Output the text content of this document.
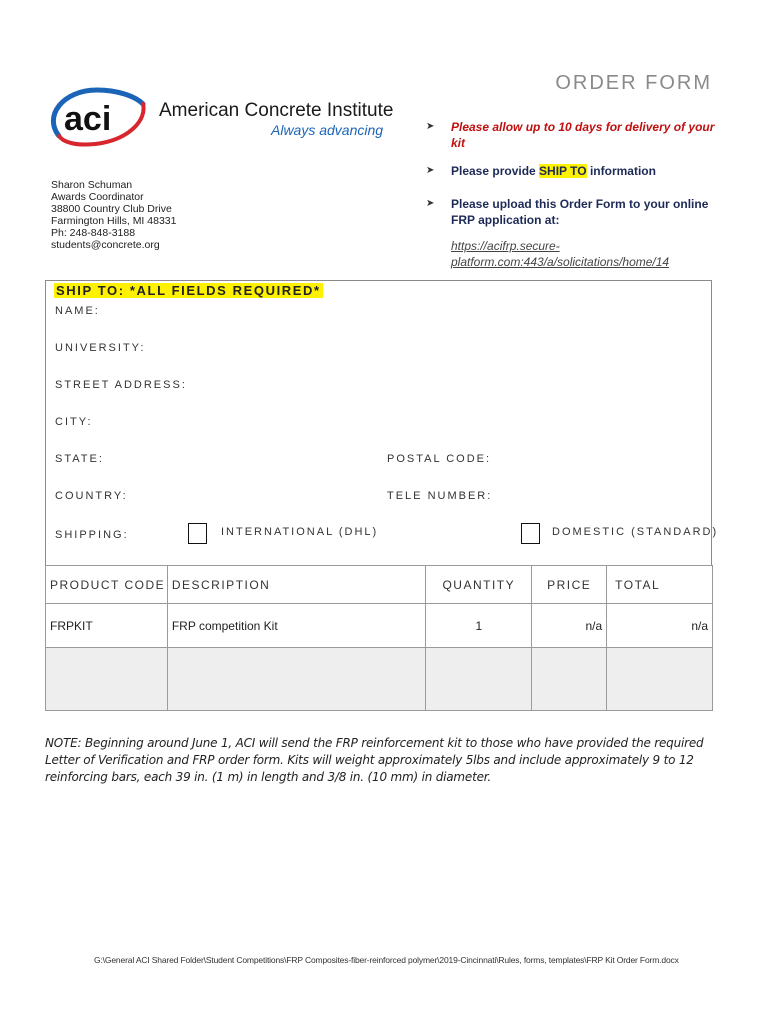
ORDER FORM
aci	American Concrete Institute
Always advancing
Sharon Schuman
Awards Coordinator
38800 Country Club Drive
Farmington Hills, MI 48331
Ph: 248-848-3188
students@concrete.org
➤ Please allow up to 10 days for delivery of your kit
➤ Please provide SHIP TO information
➤ Please upload this Order Form to your online FRP application at:
https://acifrp.secure-platform.com:443/a/solicitations/home/14
SHIP TO: *ALL FIELDS REQUIRED*
NAME:
UNIVERSITY:
STREET ADDRESS:
CITY:
STATE:	POSTAL CODE:
COUNTRY:	TELE NUMBER:
SHIPPING:	INTERNATIONAL (DHL)	DOMESTIC (STANDARD)
PRODUCT CODE	DESCRIPTION	QUANTITY	PRICE	TOTAL
FRPKIT	FRP competition Kit	1	n/a	n/a

NOTE: Beginning around June 1, ACI will send the FRP reinforcement kit to those who have provided the required Letter of Verification and FRP order form. Kits will weight approximately 5lbs and include approximately 9 to 12 reinforcing bars, each 39 in. (1 m) in length and 3/8 in. (10 mm) in diameter.
G:\General ACI Shared Folder\Student Competitions\FRP Composites-fiber-reinforced polymer\2019-Cincinnati\Rules, forms, templates\FRP Kit Order Form.docx
